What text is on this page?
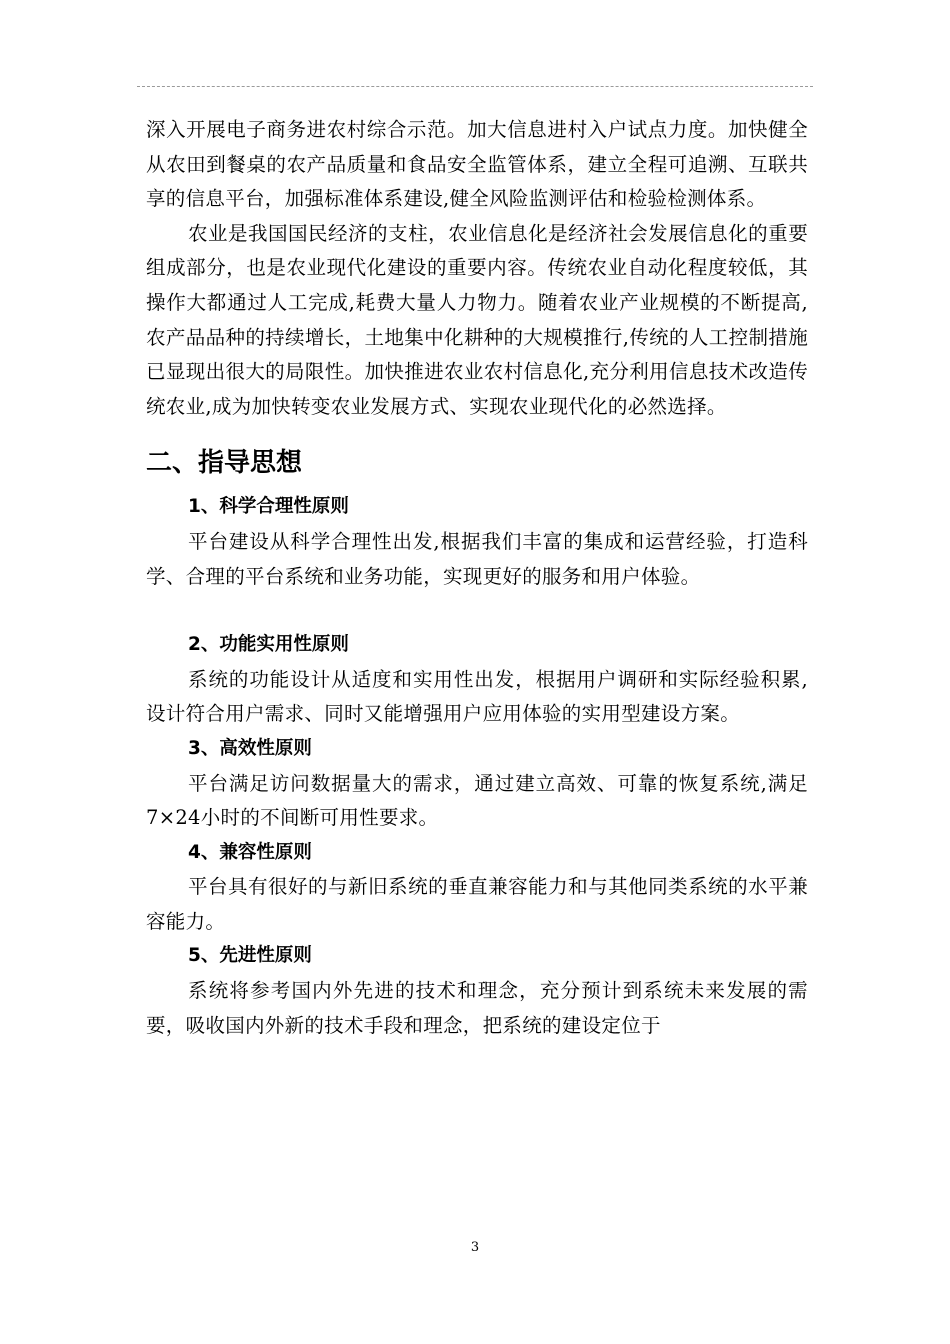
深入开展电子商务进农村综合示范。加大信息进村入户试点力度。加快健全从农田到餐桌的农产品质量和食品安全监管体系，建立全程可追溯、互联共享的信息平台，加强标准体系建设,健全风险监测评估和检验检测体系。

农业是我国国民经济的支柱，农业信息化是经济社会发展信息化的重要组成部分，也是农业现代化建设的重要内容。传统农业自动化程度较低，其操作大都通过人工完成,耗费大量人力物力。随着农业产业规模的不断提高,农产品品种的持续增长，土地集中化耕种的大规模推行,传统的人工控制措施已显现出很大的局限性。加快推进农业农村信息化,充分利用信息技术改造传统农业,成为加快转变农业发展方式、实现农业现代化的必然选择。

二、指导思想
1、科学合理性原则

平台建设从科学合理性出发,根据我们丰富的集成和运营经验，打造科学、合理的平台系统和业务功能，实现更好的服务和用户体验。

2、功能实用性原则

系统的功能设计从适度和实用性出发，根据用户调研和实际经验积累,设计符合用户需求、同时又能增强用户应用体验的实用型建设方案。

3、高效性原则

平台满足访问数据量大的需求，通过建立高效、可靠的恢复系统,满足7×24小时的不间断可用性要求。

4、兼容性原则

平台具有很好的与新旧系统的垂直兼容能力和与其他同类系统的水平兼容能力。

5、先进性原则

系统将参考国内外先进的技术和理念，充分预计到系统未来发展的需要，吸收国内外新的技术手段和理念，把系统的建设定位于

3
